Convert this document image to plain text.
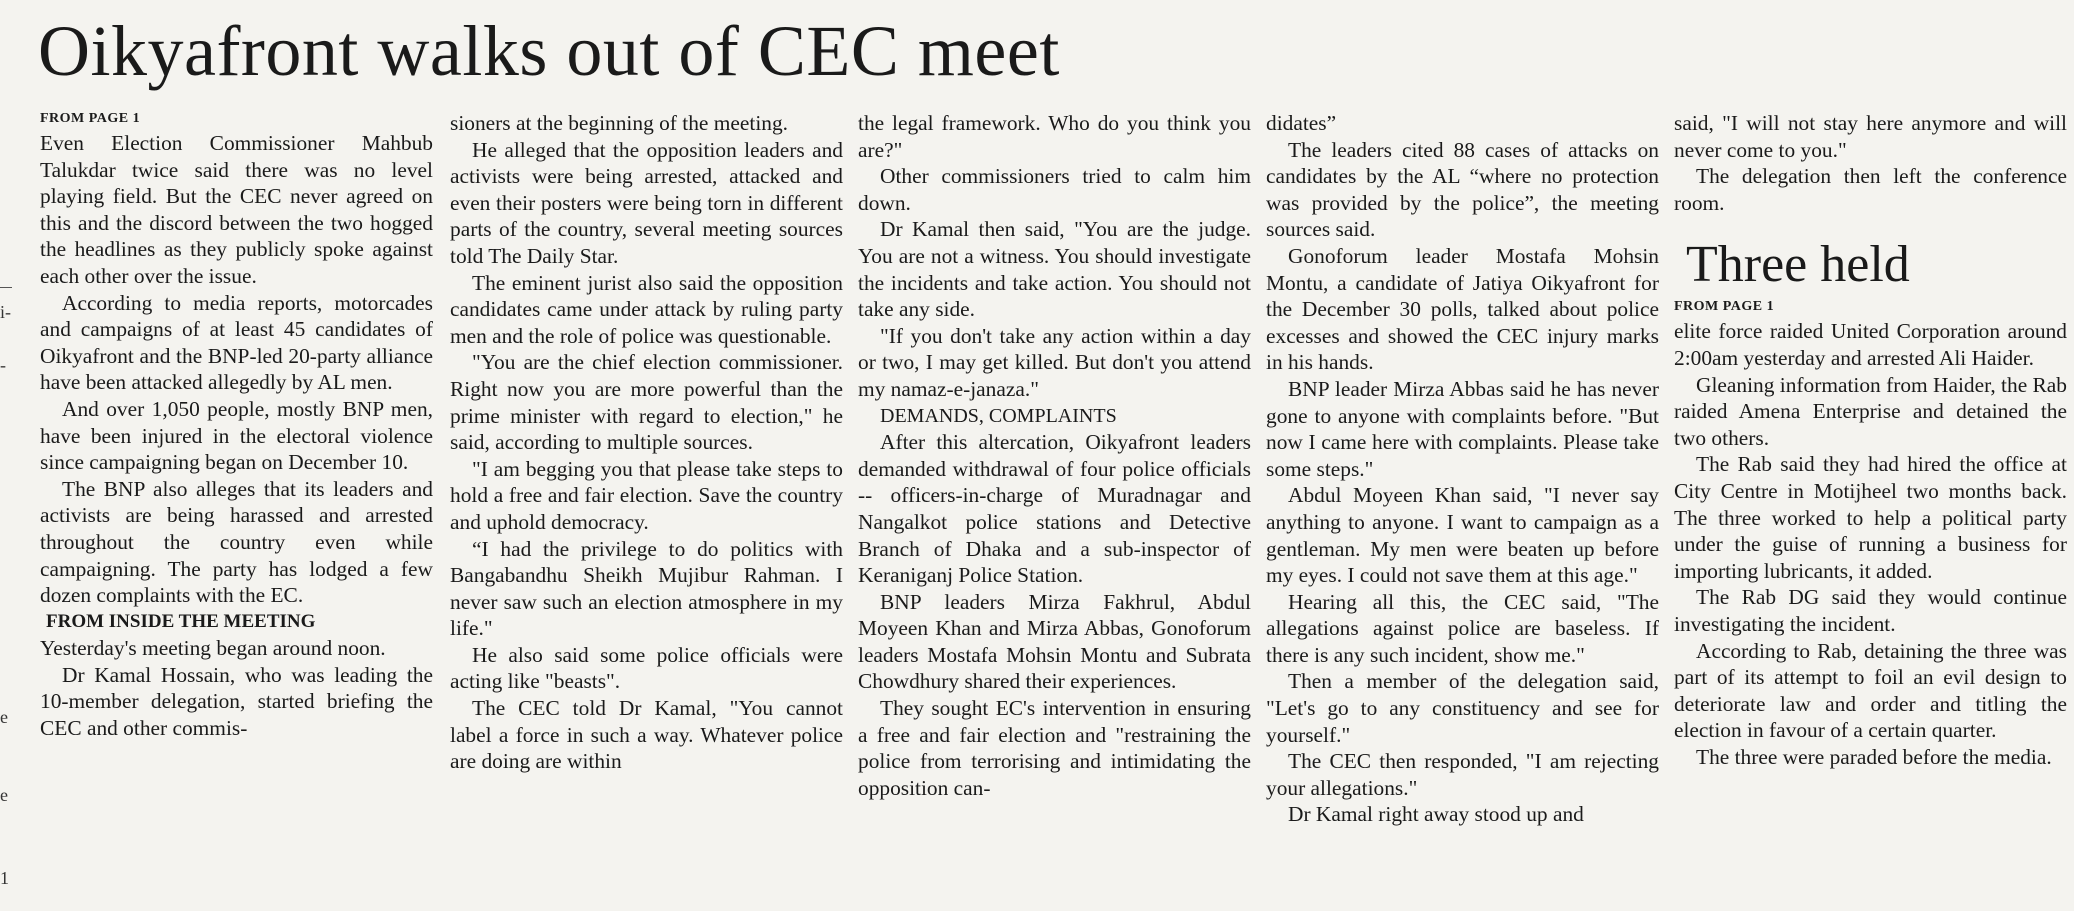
Oikyafront walks out of CEC meet
i-
-
e
e
1
FROM PAGE 1

Even Election Commissioner Mahbub Talukdar twice said there was no level playing field. But the CEC never agreed on this and the discord between the two hogged the headlines as they publicly spoke against each other over the issue.

According to media reports, motorcades and campaigns of at least 45 candidates of Oikyafront and the BNP-led 20-party alliance have been attacked allegedly by AL men.

And over 1,050 people, mostly BNP men, have been injured in the electoral violence since campaigning began on December 10.

The BNP also alleges that its leaders and activists are being harassed and arrested throughout the country even while campaigning. The party has lodged a few dozen complaints with the EC.

FROM INSIDE THE MEETING

Yesterday's meeting began around noon.

Dr Kamal Hossain, who was leading the 10-member delegation, started briefing the CEC and other commis-

sioners at the beginning of the meeting.

He alleged that the opposition leaders and activists were being arrested, attacked and even their posters were being torn in different parts of the country, several meeting sources told The Daily Star.

The eminent jurist also said the opposition candidates came under attack by ruling party men and the role of police was questionable.

"You are the chief election commissioner. Right now you are more powerful than the prime minister with regard to election," he said, according to multiple sources.

"I am begging you that please take steps to hold a free and fair election. Save the country and uphold democracy.

“I had the privilege to do politics with Bangabandhu Sheikh Mujibur Rahman. I never saw such an election atmosphere in my life."

He also said some police officials were acting like "beasts".

The CEC told Dr Kamal, "You cannot label a force in such a way. Whatever police are doing are within

the legal framework. Who do you think you are?"

Other commissioners tried to calm him down.

Dr Kamal then said, "You are the judge. You are not a witness. You should investigate the incidents and take action. You should not take any side.

"If you don't take any action within a day or two, I may get killed. But don't you attend my namaz-e-janaza."

DEMANDS, COMPLAINTS

After this altercation, Oikyafront leaders demanded withdrawal of four police officials -- officers-in-charge of Muradnagar and Nangalkot police stations and Detective Branch of Dhaka and a sub-inspector of Keraniganj Police Station.

BNP leaders Mirza Fakhrul, Abdul Moyeen Khan and Mirza Abbas, Gonoforum leaders Mostafa Mohsin Montu and Subrata Chowdhury shared their experiences.

They sought EC's intervention in ensuring a free and fair election and "restraining the police from terrorising and intimidating the opposition can-

didates”

The leaders cited 88 cases of attacks on candidates by the AL “where no protection was provided by the police”, the meeting sources said.

Gonoforum leader Mostafa Mohsin Montu, a candidate of Jatiya Oikyafront for the December 30 polls, talked about police excesses and showed the CEC injury marks in his hands.

BNP leader Mirza Abbas said he has never gone to anyone with complaints before. "But now I came here with complaints. Please take some steps."

Abdul Moyeen Khan said, "I never say anything to anyone. I want to campaign as a gentleman. My men were beaten up before my eyes. I could not save them at this age."

Hearing all this, the CEC said, "The allegations against police are baseless. If there is any such incident, show me."

Then a member of the delegation said, "Let's go to any constituency and see for yourself."

The CEC then responded, "I am rejecting your allegations."

Dr Kamal right away stood up and

said, "I will not stay here anymore and will never come to you."

The delegation then left the conference room.

Three held
FROM PAGE 1

elite force raided United Corporation around 2:00am yesterday and arrested Ali Haider.

Gleaning information from Haider, the Rab raided Amena Enterprise and detained the two others.

The Rab said they had hired the office at City Centre in Motijheel two months back. The three worked to help a political party under the guise of running a business for importing lubricants, it added.

The Rab DG said they would continue investigating the incident.

According to Rab, detaining the three was part of its attempt to foil an evil design to deteriorate law and order and titling the election in favour of a certain quarter.

The three were paraded before the media.
